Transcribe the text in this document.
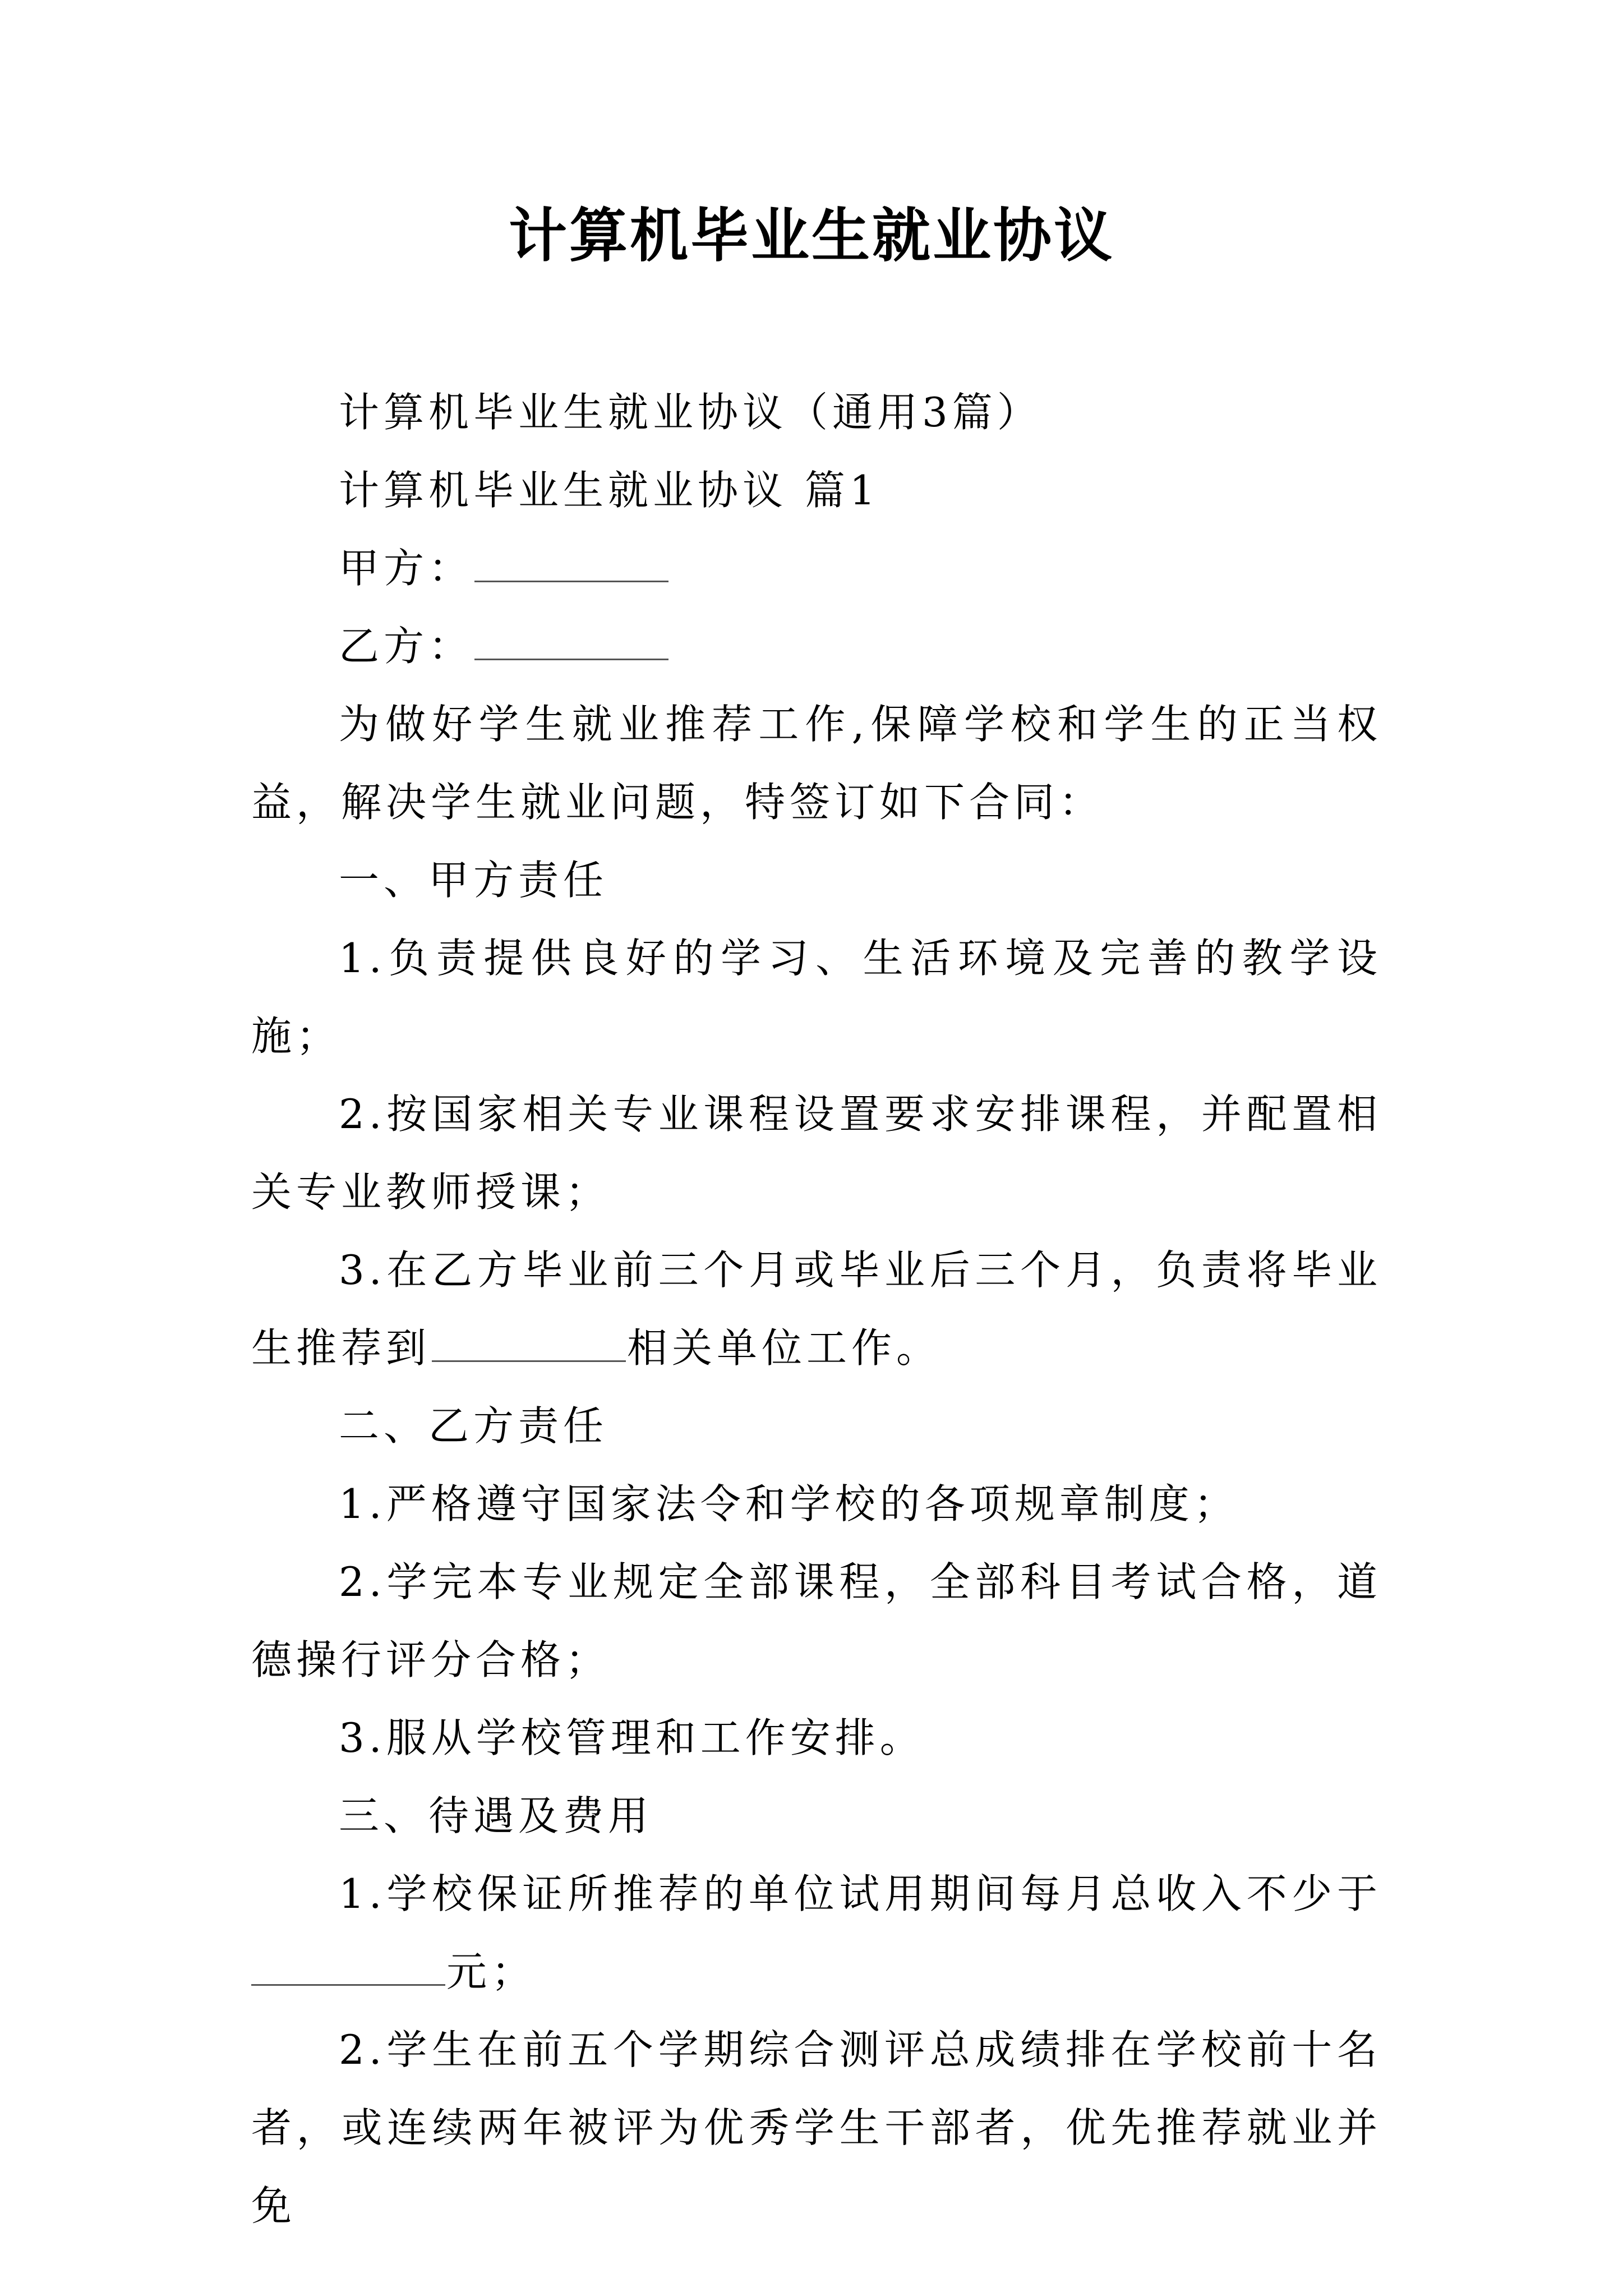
计算机毕业生就业协议

计算机毕业生就业协议（通用3篇）

计算机毕业生就业协议 篇1

甲方：

乙方：

为做好学生就业推荐工作,保障学校和学生的正当权益，解决学生就业问题，特签订如下合同：

一、甲方责任

1.负责提供良好的学习、生活环境及完善的教学设施；

2.按国家相关专业课程设置要求安排课程，并配置相关专业教师授课；

3.在乙方毕业前三个月或毕业后三个月，负责将毕业生推荐到	相关单位工作。

二、乙方责任

1.严格遵守国家法令和学校的各项规章制度；

2.学完本专业规定全部课程，全部科目考试合格，道德操行评分合格；

3.服从学校管理和工作安排。

三、待遇及费用

1.学校保证所推荐的单位试用期间每月总收入不少于元；

2.学生在前五个学期综合测评总成绩排在学校前十名者，或连续两年被评为优秀学生干部者，优先推荐就业并免
